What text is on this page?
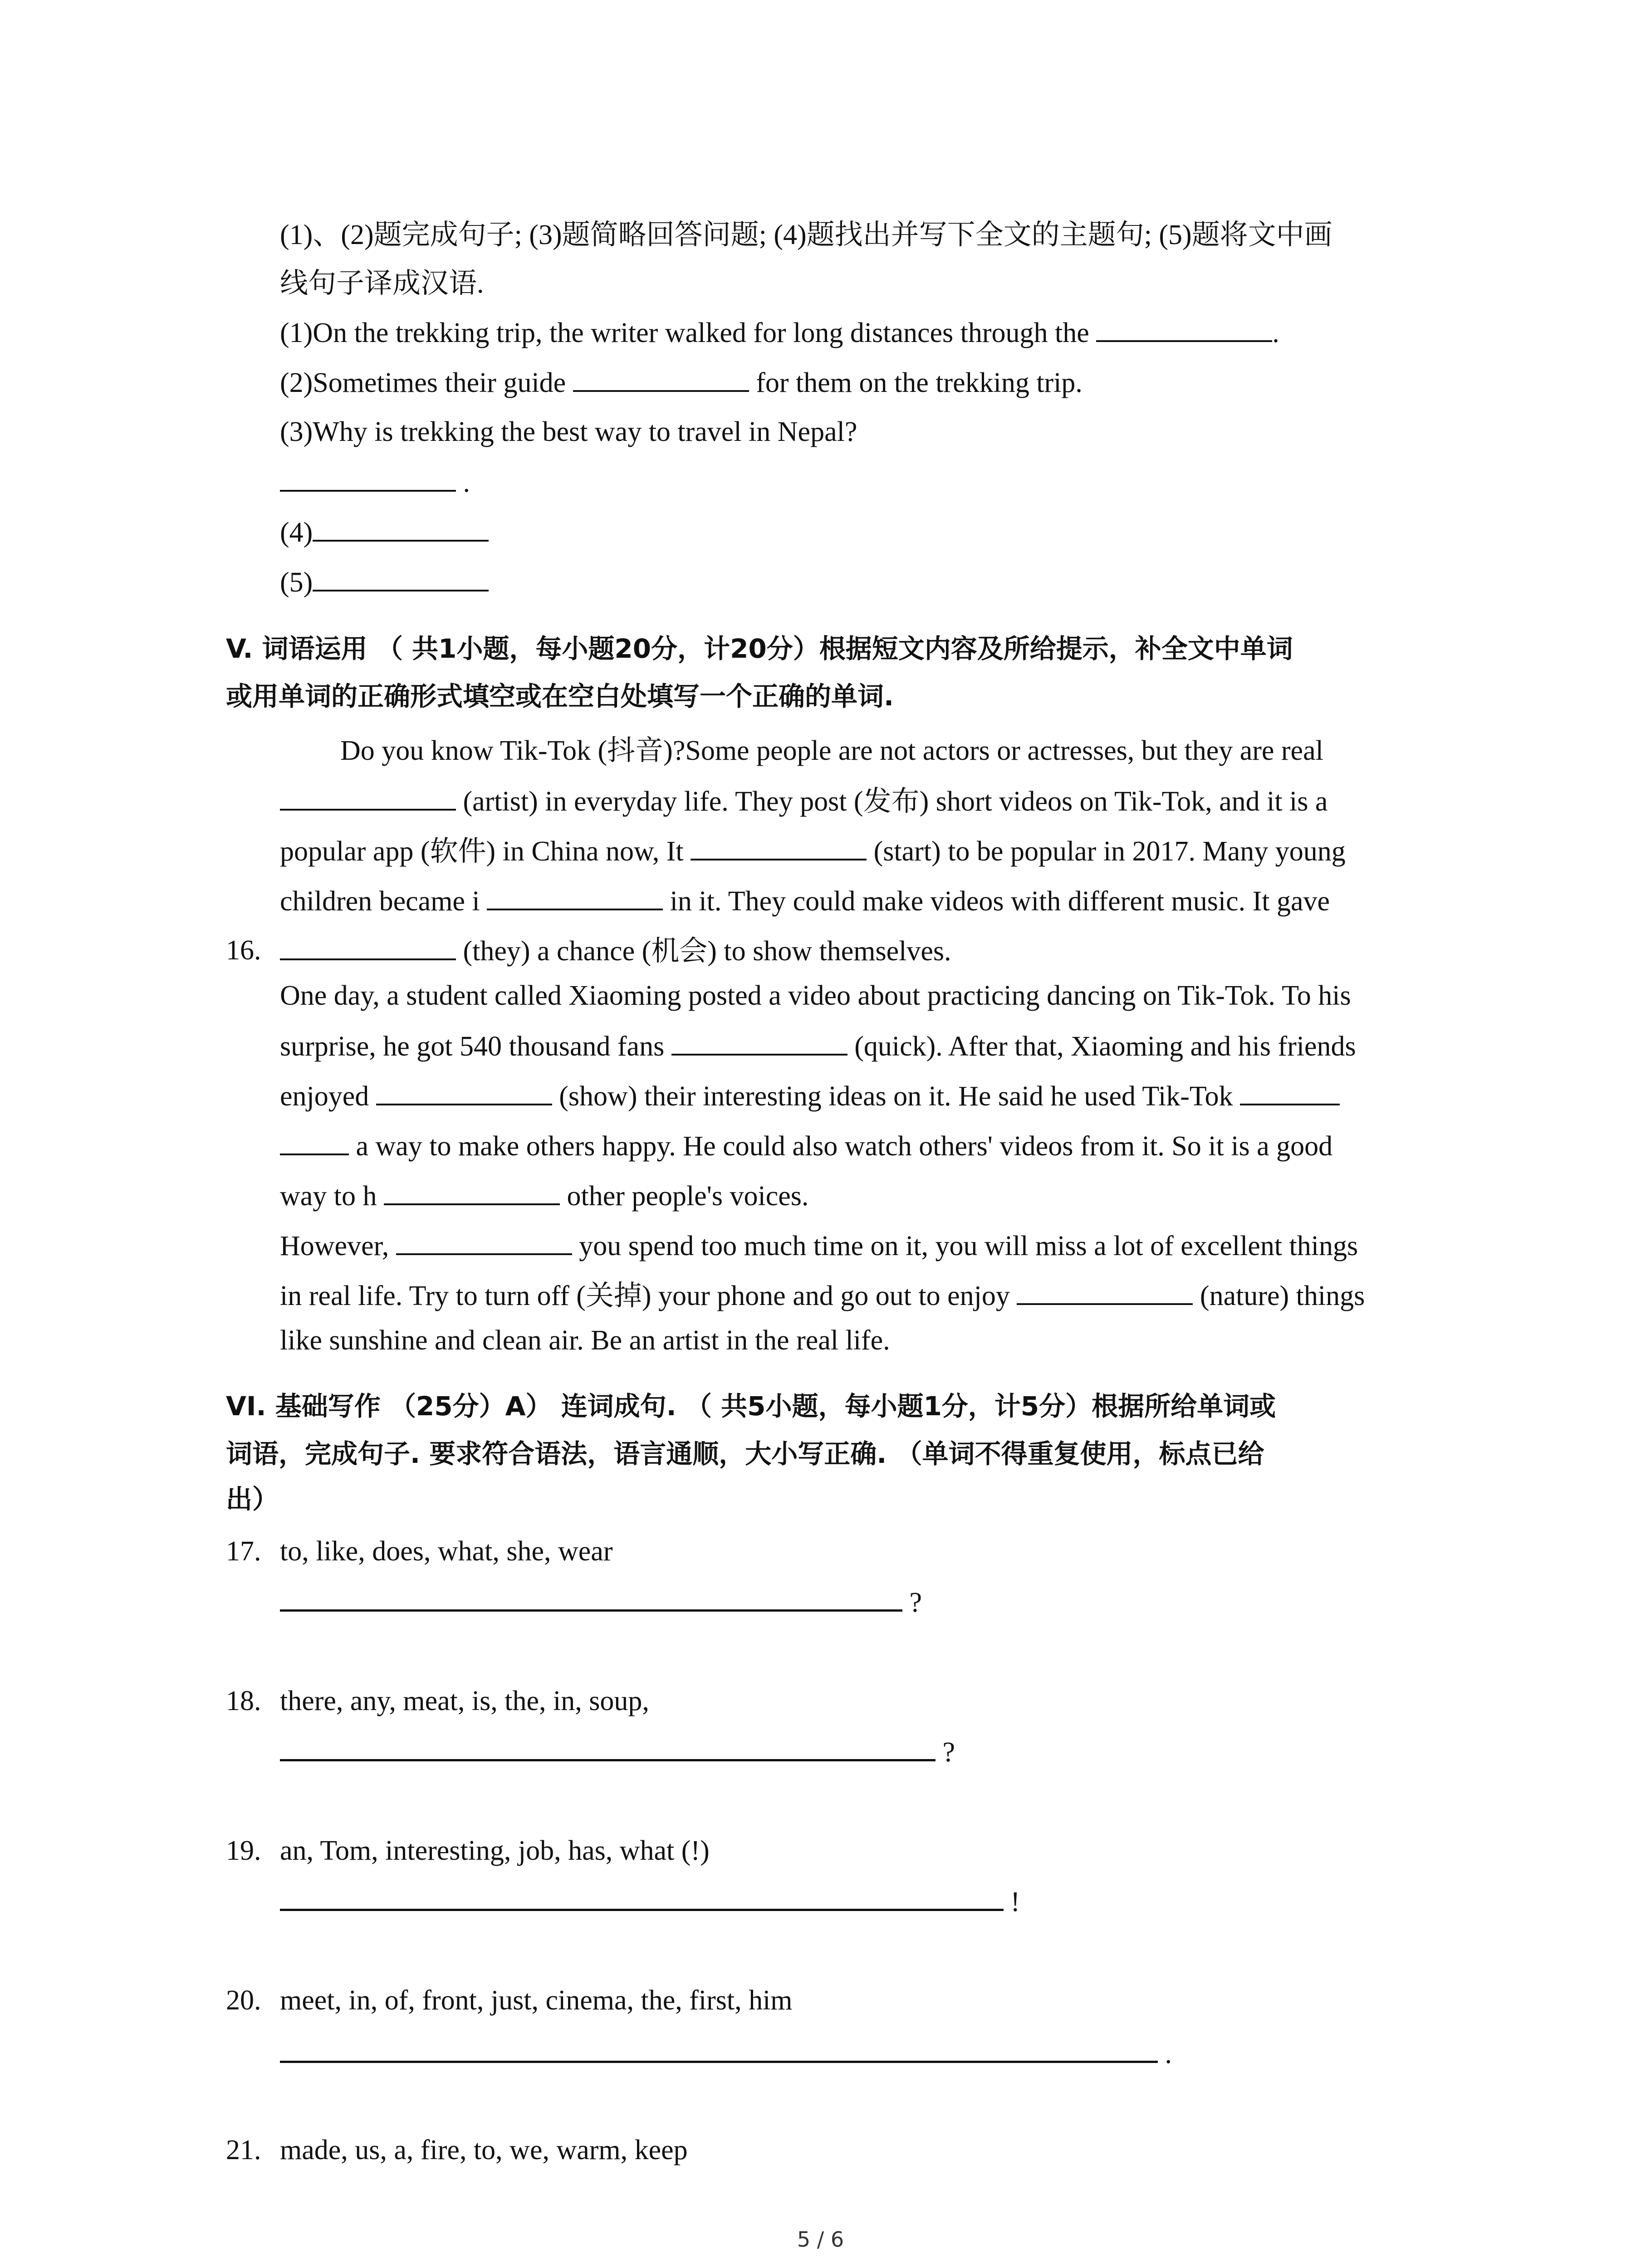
(1)、(2)题完成句子; (3)题简略回答问题; (4)题找出并写下全文的主题句; (5)题将文中画
线句子译成汉语.
(1)On the trekking trip, the writer walked for long distances through the	.
(2)Sometimes their guide	for them on the trekking trip.
(3)Why is trekking the best way to travel in Nepal?
.
(4)
(5)
V. 词语运用 （ 共1小题，每小题20分，计20分）根据短文内容及所给提示，补全文中单词
或用单词的正确形式填空或在空白处填写一个正确的单词.
Do you know Tik-Tok (抖音)?Some people are not actors or actresses, but they are real
(artist) in everyday life. They post (发布) short videos on Tik-Tok, and it is a
popular app (软件) in China now, It	(start) to be popular in 2017. Many young
children became i	in it. They could make videos with different music. It gave
16.	(they) a chance (机会) to show themselves.
One day, a student called Xiaoming posted a video about practicing dancing on Tik-Tok. To his
surprise, he got 540 thousand fans	(quick). After that, Xiaoming and his friends
enjoyed	(show) their interesting ideas on it. He said he used Tik-Tok
a way to make others happy. He could also watch others' videos from it. So it is a good
way to h	other people's voices.
However,	you spend too much time on it, you will miss a lot of excellent things
in real life. Try to turn off (关掉) your phone and go out to enjoy	(nature) things
like sunshine and clean air. Be an artist in the real life.
VI. 基础写作 （25分）A） 连词成句. （ 共5小题，每小题1分，计5分）根据所给单词或
词语，完成句子. 要求符合语法，语言通顺，大小写正确. （单词不得重复使用，标点已给
出）
17. to, like, does, what, she, wear
?
18. there, any, meat, is, the, in, soup,
?
19. an, Tom, interesting, job, has, what (!)
!
20. meet, in, of, front, just, cinema, the, first, him
.
21. made, us, a, fire, to, we, warm, keep
5 / 6
